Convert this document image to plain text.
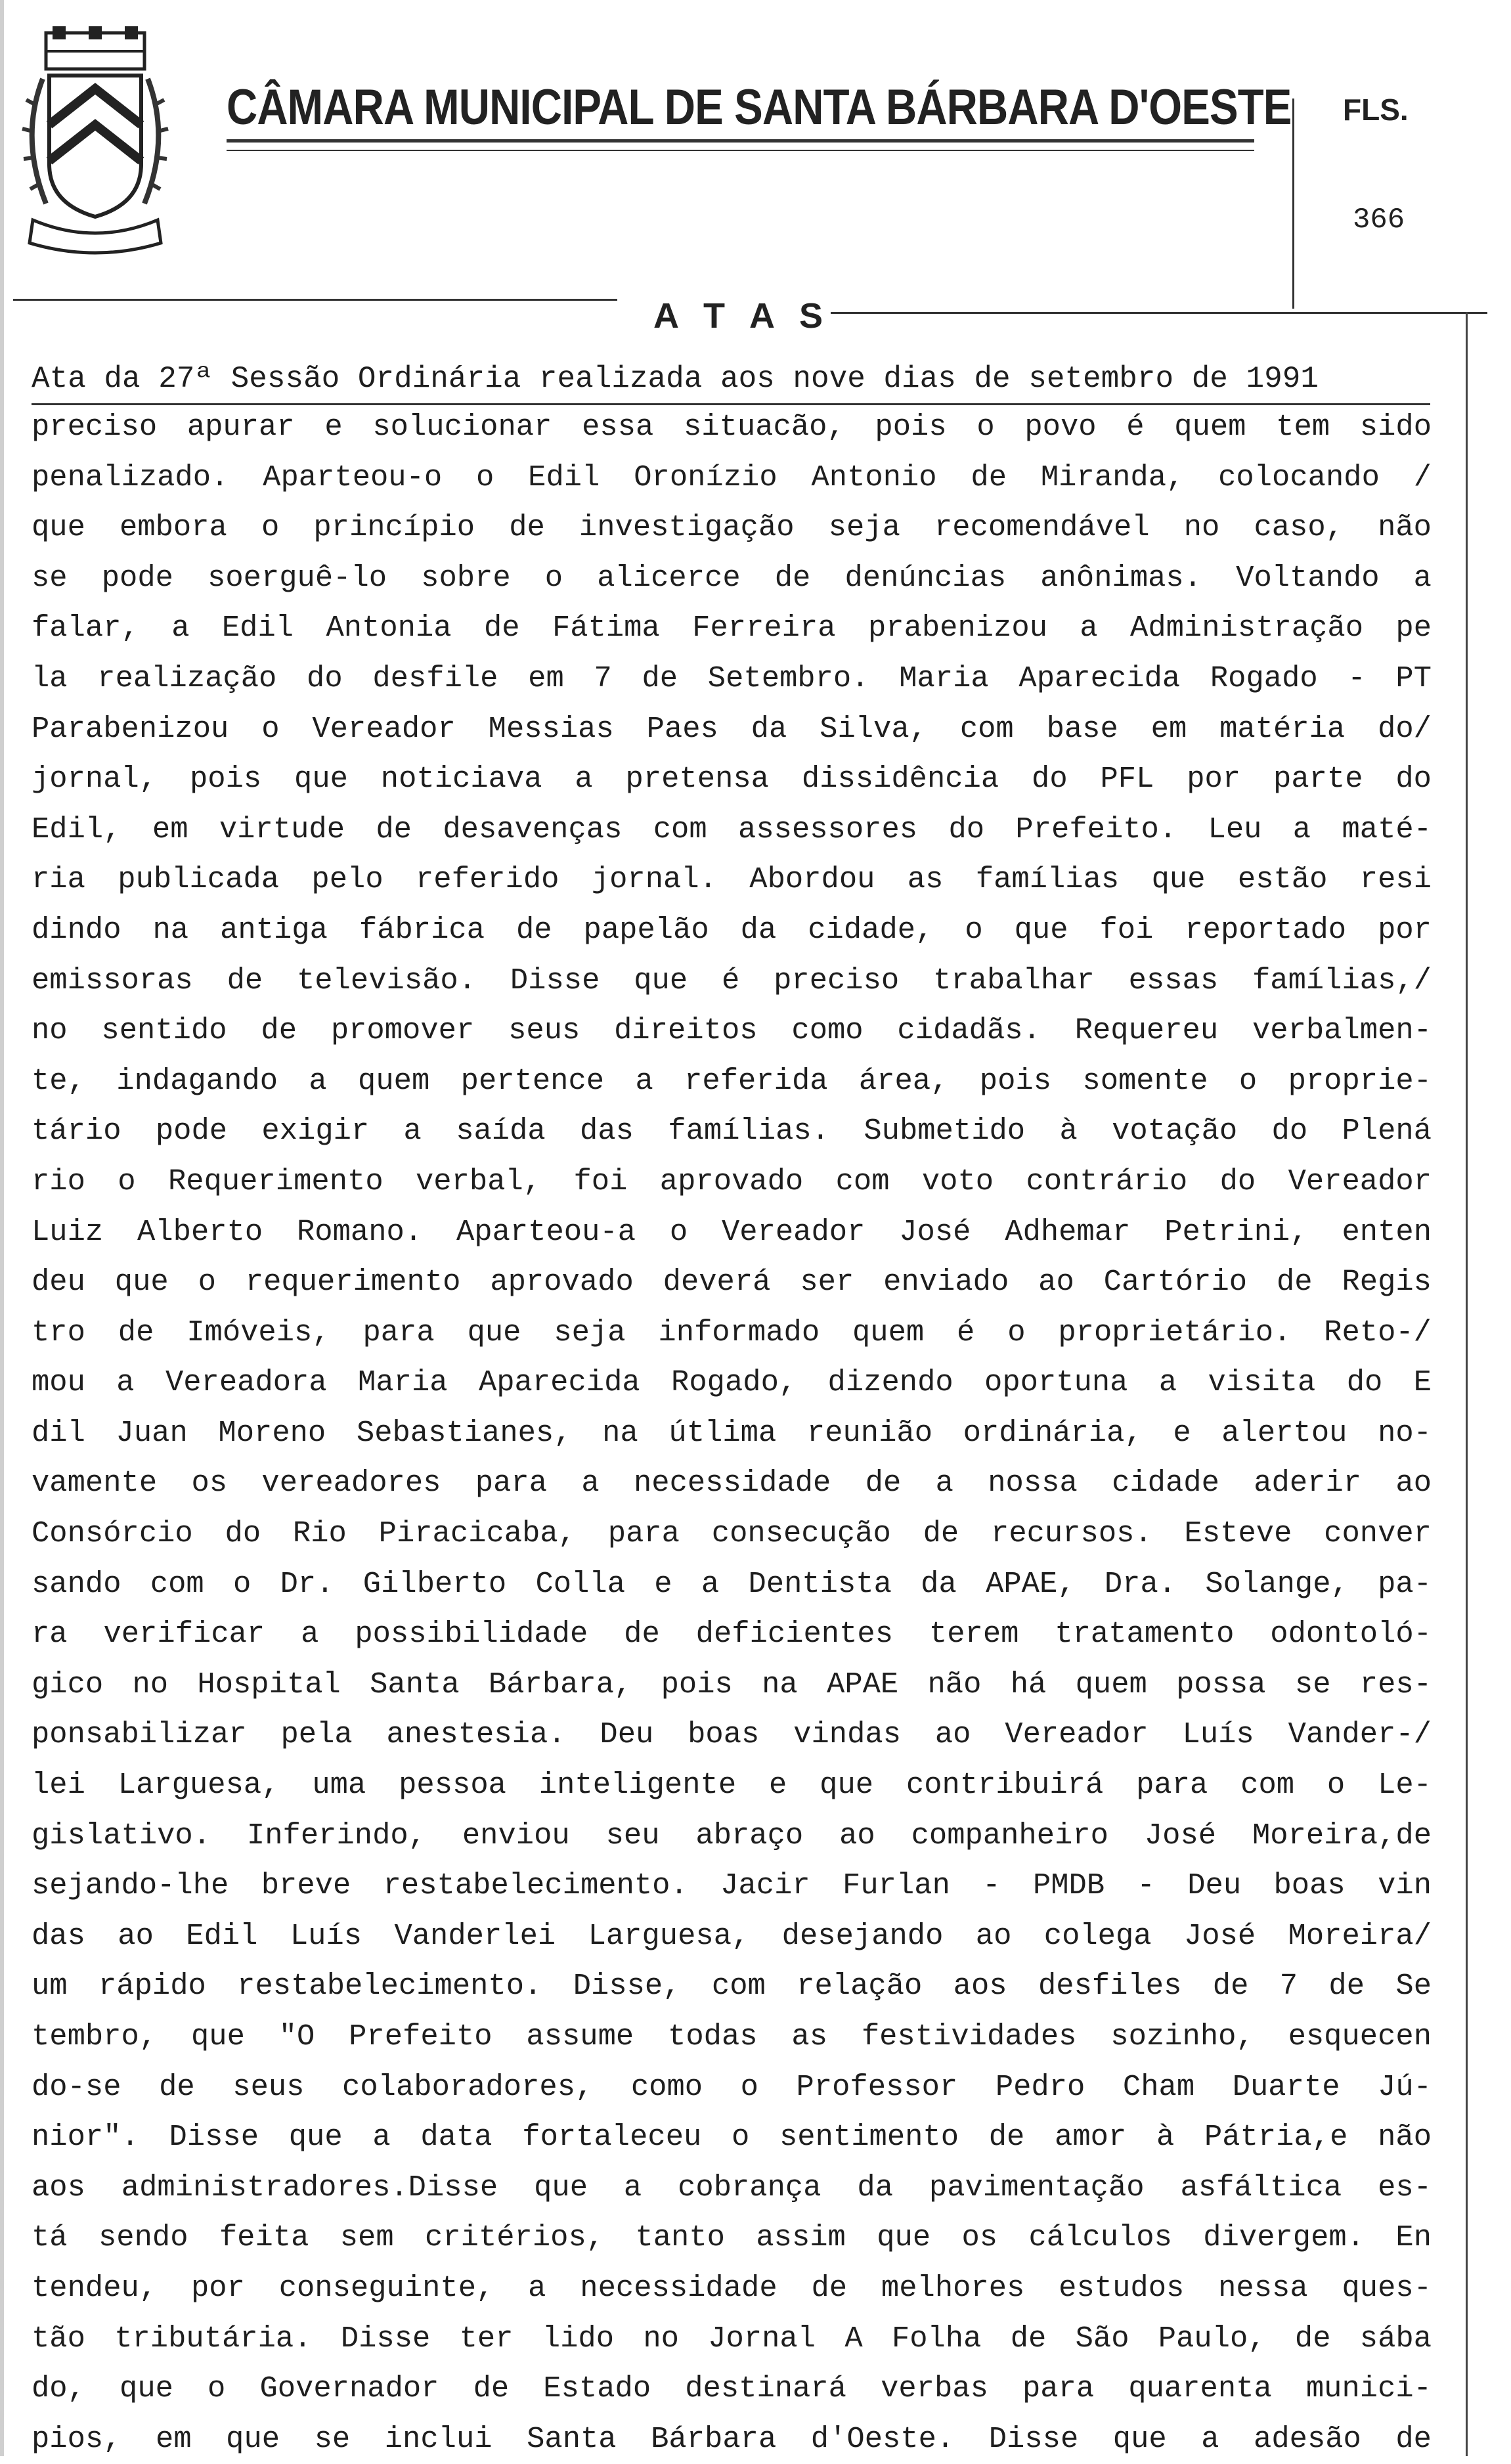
CÂMARA MUNICIPAL DE SANTA BÁRBARA D'OESTE FLS.
366
A T A S
Ata da 27ª Sessão Ordinária realizada aos nove dias de setembro de 1991
preciso apurar e solucionar essa situacão, pois o povo é quem tem sido
penalizado. Aparteou-o o Edil Oronízio Antonio de Miranda, colocando /
que embora o princípio de investigação seja recomendável no caso, não
se pode soerguê-lo sobre o alicerce de denúncias anônimas. Voltando a
falar, a Edil Antonia de Fátima Ferreira prabenizou a Administração pe
la realização do desfile em 7 de Setembro. Maria Aparecida Rogado - PT
Parabenizou o Vereador Messias Paes da Silva, com base em matéria do/
jornal, pois que noticiava a pretensa dissidência do PFL por parte do
Edil, em virtude de desavenças com assessores do Prefeito. Leu a maté-
ria publicada pelo referido jornal. Abordou as famílias que estão resi
dindo na antiga fábrica de papelão da cidade, o que foi reportado por
emissoras de televisão. Disse que é preciso trabalhar essas famílias,/
no sentido de promover seus direitos como cidadãs. Requereu verbalmen-
te, indagando a quem pertence a referida área, pois somente o proprie-
tário pode exigir a saída das famílias. Submetido à votação do Plená
rio o Requerimento verbal, foi aprovado com voto contrário do Vereador
Luiz Alberto Romano. Aparteou-a o Vereador José Adhemar Petrini, enten
deu que o requerimento aprovado deverá ser enviado ao Cartório de Regis
tro de Imóveis, para que seja informado quem é o proprietário. Reto-/
mou a Vereadora Maria Aparecida Rogado, dizendo oportuna a visita do E
dil Juan Moreno Sebastianes, na útlima reunião ordinária, e alertou no-
vamente os vereadores para a necessidade de a nossa cidade aderir ao
Consórcio do Rio Piracicaba, para consecução de recursos. Esteve conver
sando com o Dr. Gilberto Colla e a Dentista da APAE, Dra. Solange, pa-
ra verificar a possibilidade de deficientes terem tratamento odontoló-
gico no Hospital Santa Bárbara, pois na APAE não há quem possa se res-
ponsabilizar pela anestesia. Deu boas vindas ao Vereador Luís Vander-/
lei Larguesa, uma pessoa inteligente e que contribuirá para com o Le-
gislativo. Inferindo, enviou seu abraço ao companheiro José Moreira,de
sejando-lhe breve restabelecimento. Jacir Furlan - PMDB - Deu boas vin
das ao Edil Luís Vanderlei Larguesa, desejando ao colega José Moreira/
um rápido restabelecimento. Disse, com relação aos desfiles de 7 de Se
tembro, que "O Prefeito assume todas as festividades sozinho, esquecen
do-se de seus colaboradores, como o Professor Pedro Cham Duarte Jú-
nior". Disse que a data fortaleceu o sentimento de amor à Pátria,e não
aos administradores.Disse que a cobrança da pavimentação asfáltica es-
tá sendo feita sem critérios, tanto assim que os cálculos divergem. En
tendeu, por conseguinte, a necessidade de melhores estudos nessa ques-
tão tributária. Disse ter lido no Jornal A Folha de São Paulo, de sába
do, que o Governador de Estado destinará verbas para quarenta munici-
pios, em que se inclui Santa Bárbara d'Oeste. Disse que a adesão de
